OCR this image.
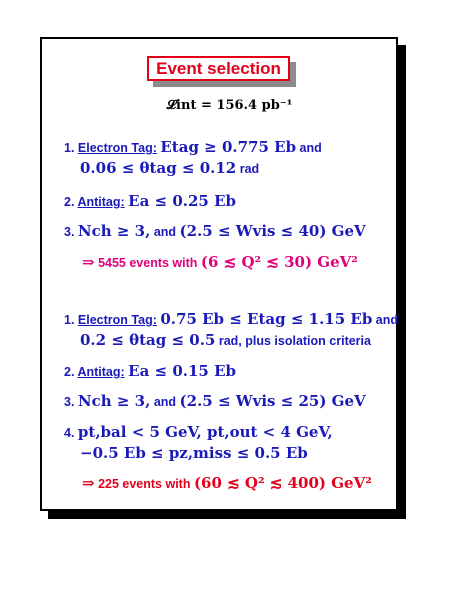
Event selection
𝓛int = 156.4 pb⁻¹
1. Electron Tag: Etag ≥ 0.775 Eb and
0.06 ≤ θtag ≤ 0.12 rad
2. Antitag: Ea ≤ 0.25 Eb
3. Nch ≥ 3, and (2.5 ≤ Wvis ≤ 40) GeV
⇒ 5455 events with (6 ≲ Q² ≲ 30) GeV²
1. Electron Tag: 0.75 Eb ≤ Etag ≤ 1.15 Eb and
0.2 ≤ θtag ≤ 0.5 rad, plus isolation criteria
2. Antitag: Ea ≤ 0.15 Eb
3. Nch ≥ 3, and (2.5 ≤ Wvis ≤ 25) GeV
4. pt,bal < 5 GeV, pt,out < 4 GeV,
−0.5 Eb ≤ pz,miss ≤ 0.5 Eb
⇒ 225 events with (60 ≲ Q² ≲ 400) GeV²
